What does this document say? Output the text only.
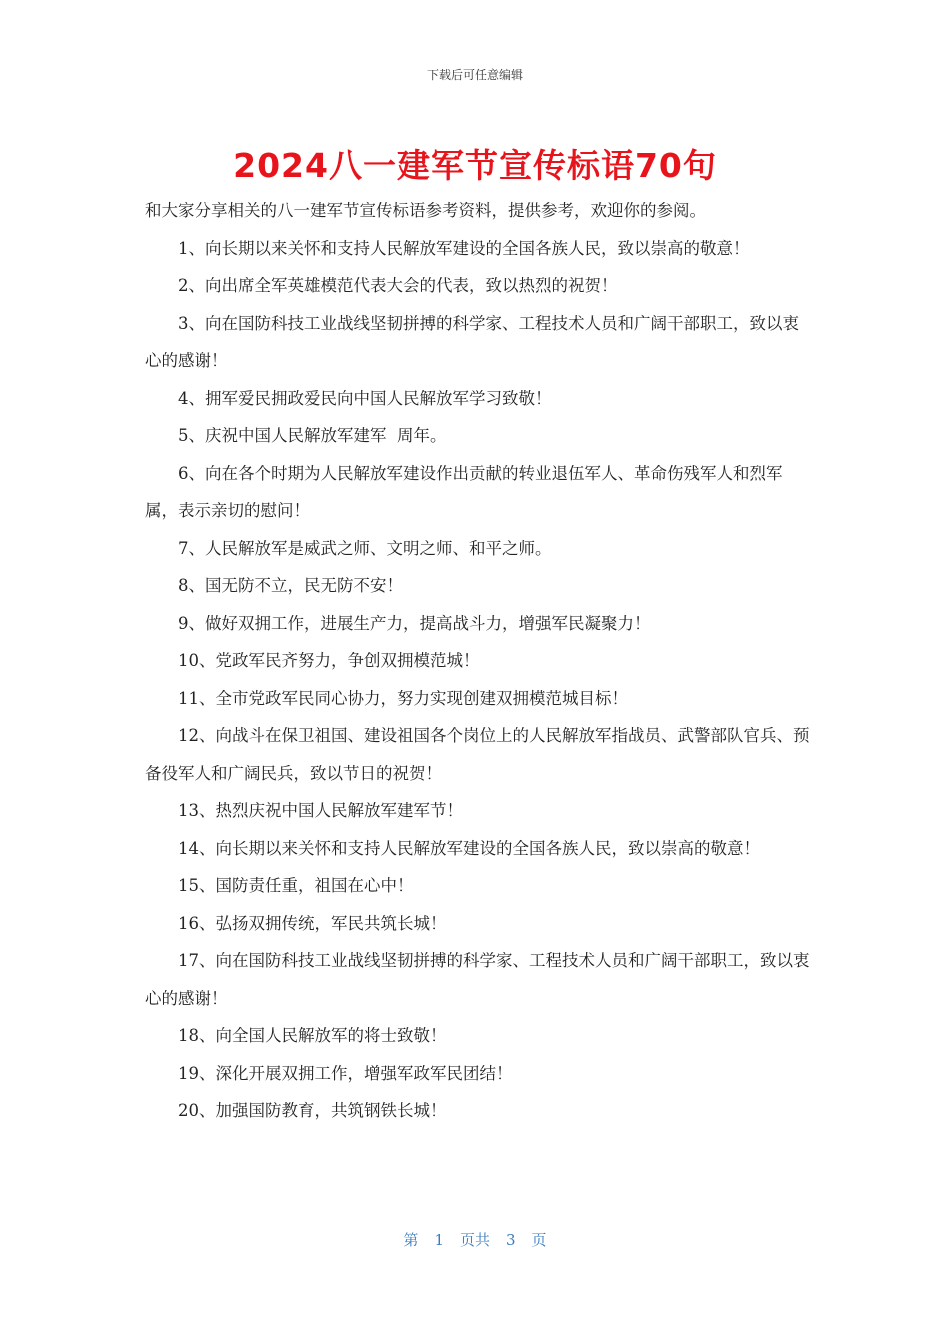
下载后可任意编辑
2024八一建军节宣传标语70句

和大家分享相关的八一建军节宣传标语参考资料，提供参考，欢迎你的参阅。

1、向长期以来关怀和支持人民解放军建设的全国各族人民，致以崇高的敬意！

2、向出席全军英雄模范代表大会的代表，致以热烈的祝贺！

3、向在国防科技工业战线坚韧拼搏的科学家、工程技术人员和广阔干部职工，致以衷心的感谢！

4、拥军爱民拥政爱民向中国人民解放军学习致敬！

5、庆祝中国人民解放军建军  周年。

6、向在各个时期为人民解放军建设作出贡献的转业退伍军人、革命伤残军人和烈军属，表示亲切的慰问！

7、人民解放军是威武之师、文明之师、和平之师。

8、国无防不立，民无防不安！

9、做好双拥工作，进展生产力，提高战斗力，增强军民凝聚力！

10、党政军民齐努力，争创双拥模范城！

11、全市党政军民同心协力，努力实现创建双拥模范城目标！

12、向战斗在保卫祖国、建设祖国各个岗位上的人民解放军指战员、武警部队官兵、预备役军人和广阔民兵，致以节日的祝贺！

13、热烈庆祝中国人民解放军建军节！

14、向长期以来关怀和支持人民解放军建设的全国各族人民，致以崇高的敬意！

15、国防责任重，祖国在心中！

16、弘扬双拥传统，军民共筑长城！

17、向在国防科技工业战线坚韧拼搏的科学家、工程技术人员和广阔干部职工，致以衷心的感谢！

18、向全国人民解放军的将士致敬！

19、深化开展双拥工作，增强军政军民团结！

20、加强国防教育，共筑钢铁长城！

第 1 页共 3 页
